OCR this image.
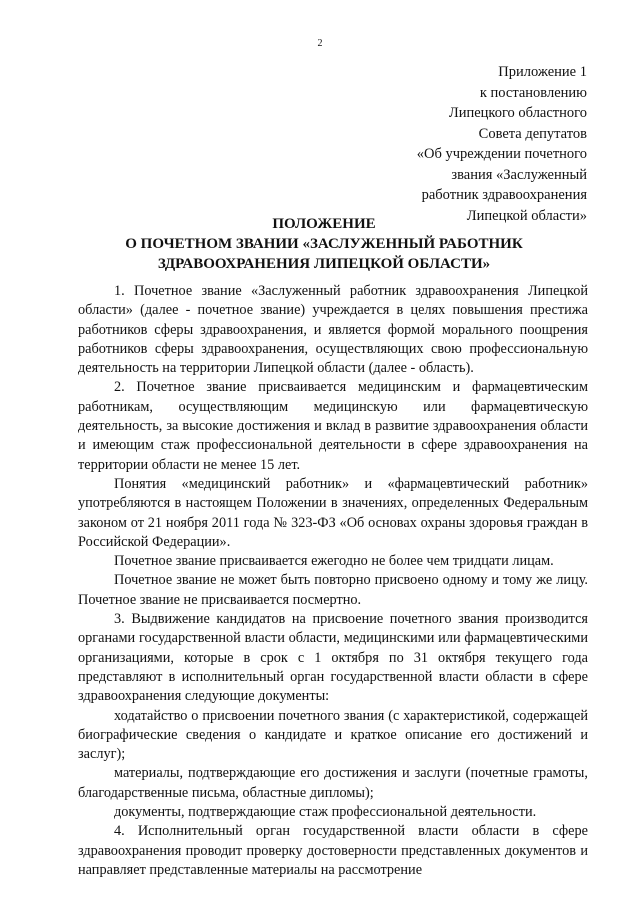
2
Приложение 1
к постановлению
Липецкого областного
Совета депутатов
«Об учреждении почетного
звания «Заслуженный
работник здравоохранения
Липецкой области»
ПОЛОЖЕНИЕ
О ПОЧЕТНОМ ЗВАНИИ «ЗАСЛУЖЕННЫЙ РАБОТНИК
ЗДРАВООХРАНЕНИЯ ЛИПЕЦКОЙ ОБЛАСТИ»

1. Почетное звание «Заслуженный работник здравоохранения Липецкой области» (далее - почетное звание) учреждается в целях повышения престижа работников сферы здравоохранения, и является формой морального поощрения работников сферы здравоохранения, осуществляющих свою профессиональную деятельность на территории Липецкой области (далее - область).

2. Почетное звание присваивается медицинским и фармацевтическим работникам, осуществляющим медицинскую или фармацевтическую деятельность, за высокие достижения и вклад в развитие здравоохранения области и имеющим стаж профессиональной деятельности в сфере здравоохранения на территории области не менее 15 лет.

Понятия «медицинский работник» и «фармацевтический работник» употребляются в настоящем Положении в значениях, определенных Федеральным законом от 21 ноября 2011 года № 323-ФЗ «Об основах охраны здоровья граждан в Российской Федерации».

Почетное звание присваивается ежегодно не более чем тридцати лицам.

Почетное звание не может быть повторно присвоено одному и тому же лицу. Почетное звание не присваивается посмертно.

3. Выдвижение кандидатов на присвоение почетного звания производится органами государственной власти области, медицинскими или фармацевтическими организациями, которые в срок с 1 октября по 31 октября текущего года представляют в исполнительный орган государственной власти области в сфере здравоохранения следующие документы:

ходатайство о присвоении почетного звания (с характеристикой, содержащей биографические сведения о кандидате и краткое описание его достижений и заслуг);

материалы, подтверждающие его достижения и заслуги (почетные грамоты, благодарственные письма, областные дипломы);

документы, подтверждающие стаж профессиональной деятельности.

4. Исполнительный орган государственной власти области в сфере здравоохранения проводит проверку достоверности представленных документов и направляет представленные материалы на рассмотрение
